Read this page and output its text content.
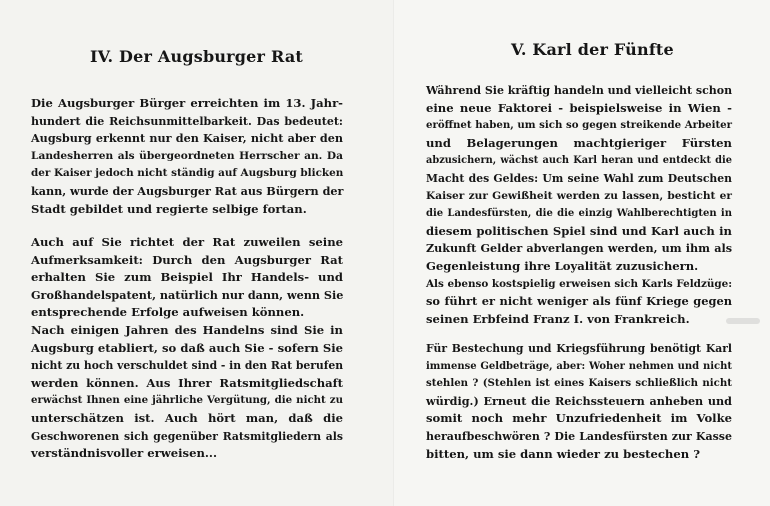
IV. Der Augsburger Rat
Die Augsburger Bürger erreichten im 13. Jahr-
hundert die Reichsunmittelbarkeit. Das bedeutet:
Augsburg erkennt nur den Kaiser, nicht aber den
Landesherren als übergeordneten Herrscher an. Da
der Kaiser jedoch nicht ständig auf Augsburg blicken
kann, wurde der Augsburger Rat aus Bürgern der
Stadt gebildet und regierte selbige fortan.
Auch auf Sie richtet der Rat zuweilen seine
Aufmerksamkeit: Durch den Augsburger Rat
erhalten Sie zum Beispiel Ihr Handels- und
Großhandelspatent, natürlich nur dann, wenn Sie
entsprechende Erfolge aufweisen können.
Nach einigen Jahren des Handelns sind Sie in
Augsburg etabliert, so daß auch Sie - sofern Sie
nicht zu hoch verschuldet sind - in den Rat berufen
werden können. Aus Ihrer Ratsmitgliedschaft
erwächst Ihnen eine jährliche Vergütung, die nicht zu
unterschätzen ist. Auch hört man, daß die
Geschworenen sich gegenüber Ratsmitgliedern als
verständnisvoller erweisen...
V. Karl der Fünfte
Während Sie kräftig handeln und vielleicht schon
eine neue Faktorei - beispielsweise in Wien -
eröffnet haben, um sich so gegen streikende Arbeiter
und Belagerungen machtgieriger Fürsten
abzusichern, wächst auch Karl heran und entdeckt die
Macht des Geldes: Um seine Wahl zum Deutschen
Kaiser zur Gewißheit werden zu lassen, besticht er
die Landesfürsten, die die einzig Wahlberechtigten in
diesem politischen Spiel sind und Karl auch in
Zukunft Gelder abverlangen werden, um ihm als
Gegenleistung ihre Loyalität zuzusichern.
Als ebenso kostspielig erweisen sich Karls Feldzüge:
so führt er nicht weniger als fünf Kriege gegen
seinen Erbfeind Franz I. von Frankreich.
Für Bestechung und Kriegsführung benötigt Karl
immense Geldbeträge, aber: Woher nehmen und nicht
stehlen ? (Stehlen ist eines Kaisers schließlich nicht
würdig.) Erneut die Reichssteuern anheben und
somit noch mehr Unzufriedenheit im Volke
heraufbeschwören ? Die Landesfürsten zur Kasse
bitten, um sie dann wieder zu bestechen ?
